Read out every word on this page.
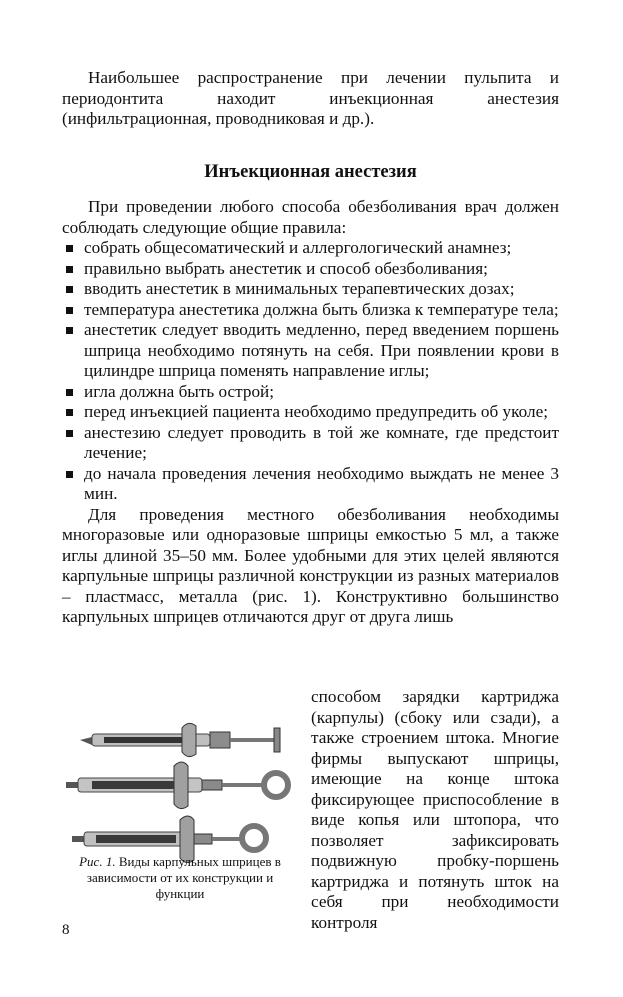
Наибольшее распространение при лечении пульпита и периодонтита находит инъекционная анестезия (инфильтрационная, проводниковая и др.).

Инъекционная анестезия

При проведении любого способа обезболивания врач должен соблюдать следующие общие правила:

собрать общесоматический и аллергологический анамнез;
правильно выбрать анестетик и способ обезболивания;
вводить анестетик в минимальных терапевтических дозах;
температура анестетика должна быть близка к температуре тела;
анестетик следует вводить медленно, перед введением поршень шприца необходимо потянуть на себя. При появлении крови в цилиндре шприца поменять направление иглы;
игла должна быть острой;
перед инъекцией пациента необходимо предупредить об уколе;
анестезию следует проводить в той же комнате, где предстоит лечение;
до начала проведения лечения необходимо выждать не менее 3 мин.

Для проведения местного обезболивания необходимы многоразовые или одноразовые шприцы емкостью 5 мл, а также иглы длиной 35–50 мм. Более удобными для этих целей являются карпульные шприцы различной конструкции из разных материалов – пластмасс, металла (рис. 1). Конструктивно большинство карпульных шприцев отличаются друг от друга лишь

Рис. 1. Виды карпульных шприцев в зависимости от их конструкции и функции
способом зарядки картриджа (карпулы) (сбоку или сзади), а также строением штока. Многие фирмы выпускают шприцы, имеющие на конце штока фиксирующее приспособление в виде копья или штопора, что позволяет зафиксировать подвижную пробку-поршень картриджа и потянуть шток на себя при необходимости контроля
8
